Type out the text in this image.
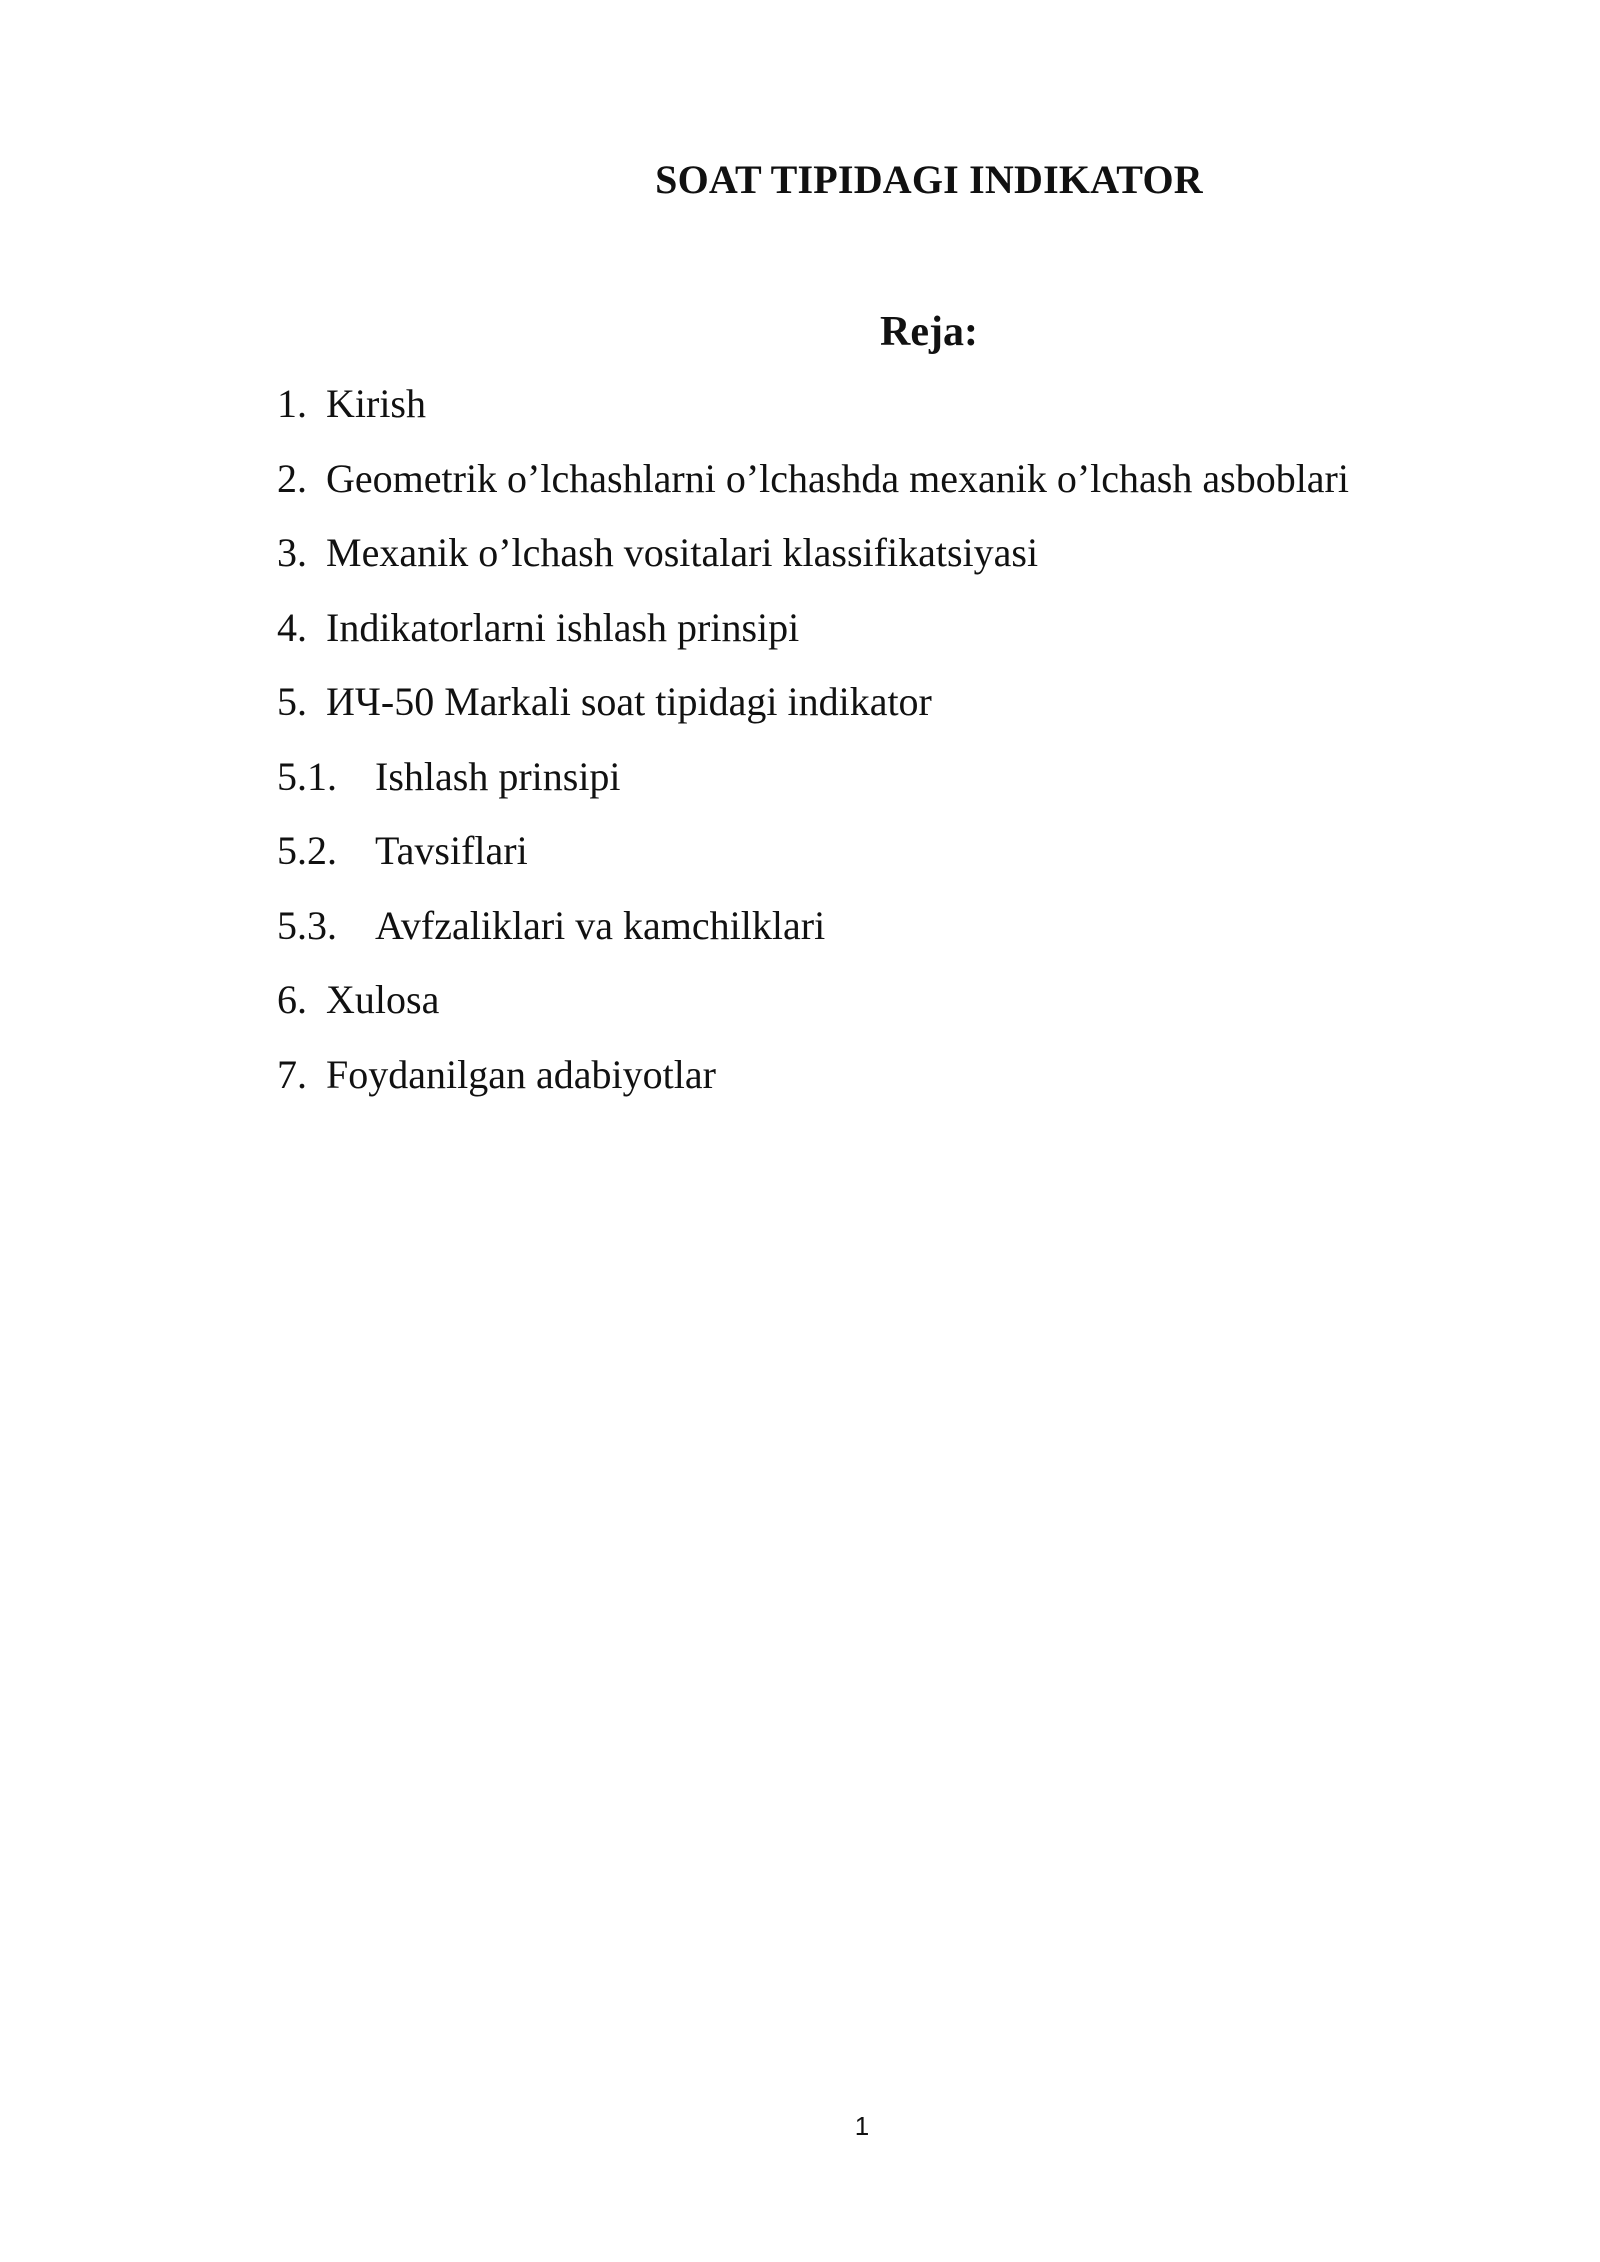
SOAT TIPIDAGI INDIKATOR
Reja:
1. Kirish
2. Geometrik o’lchashlarni o’lchashda mexanik o’lchash asboblari
3. Mexanik o’lchash vositalari klassifikatsiyasi
4. Indikatorlarni ishlash prinsipi
5. ИЧ-50 Markali soat tipidagi indikator
5.1. Ishlash prinsipi
5.2. Tavsiflari
5.3. Avfzaliklari va kamchilklari
6. Xulosa
7. Foydanilgan adabiyotlar
1
